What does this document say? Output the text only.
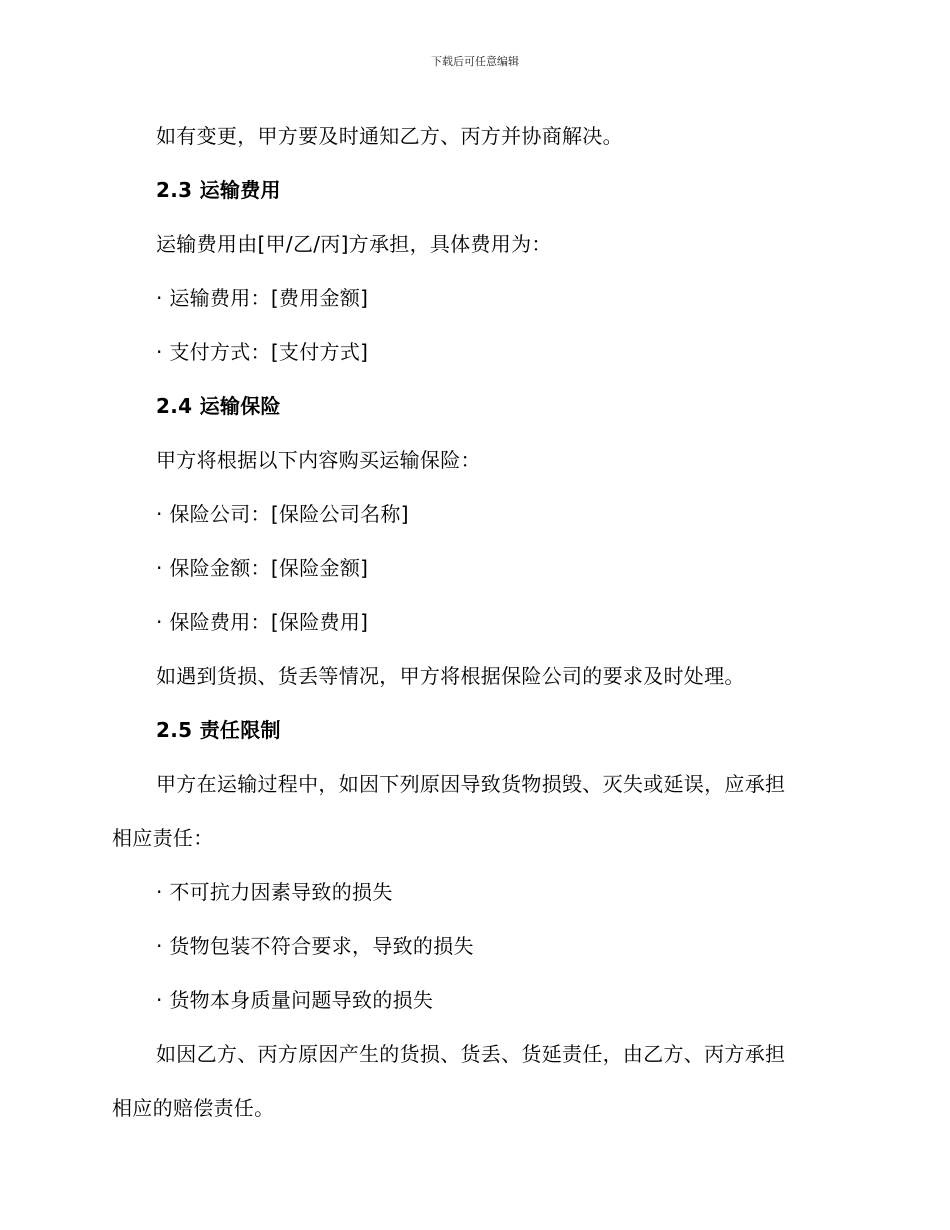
下载后可任意编辑
如有变更，甲方要及时通知乙方、丙方并协商解决。
2.3 运输费用
运输费用由[甲/乙/丙]方承担，具体费用为：
· 运输费用：[费用金额]
· 支付方式：[支付方式]
2.4 运输保险
甲方将根据以下内容购买运输保险：
· 保险公司：[保险公司名称]
· 保险金额：[保险金额]
· 保险费用：[保险费用]
如遇到货损、货丢等情况，甲方将根据保险公司的要求及时处理。
2.5 责任限制
甲方在运输过程中，如因下列原因导致货物损毁、灭失或延误，应承担
相应责任：
· 不可抗力因素导致的损失
· 货物包装不符合要求，导致的损失
· 货物本身质量问题导致的损失
如因乙方、丙方原因产生的货损、货丢、货延责任，由乙方、丙方承担
相应的赔偿责任。
